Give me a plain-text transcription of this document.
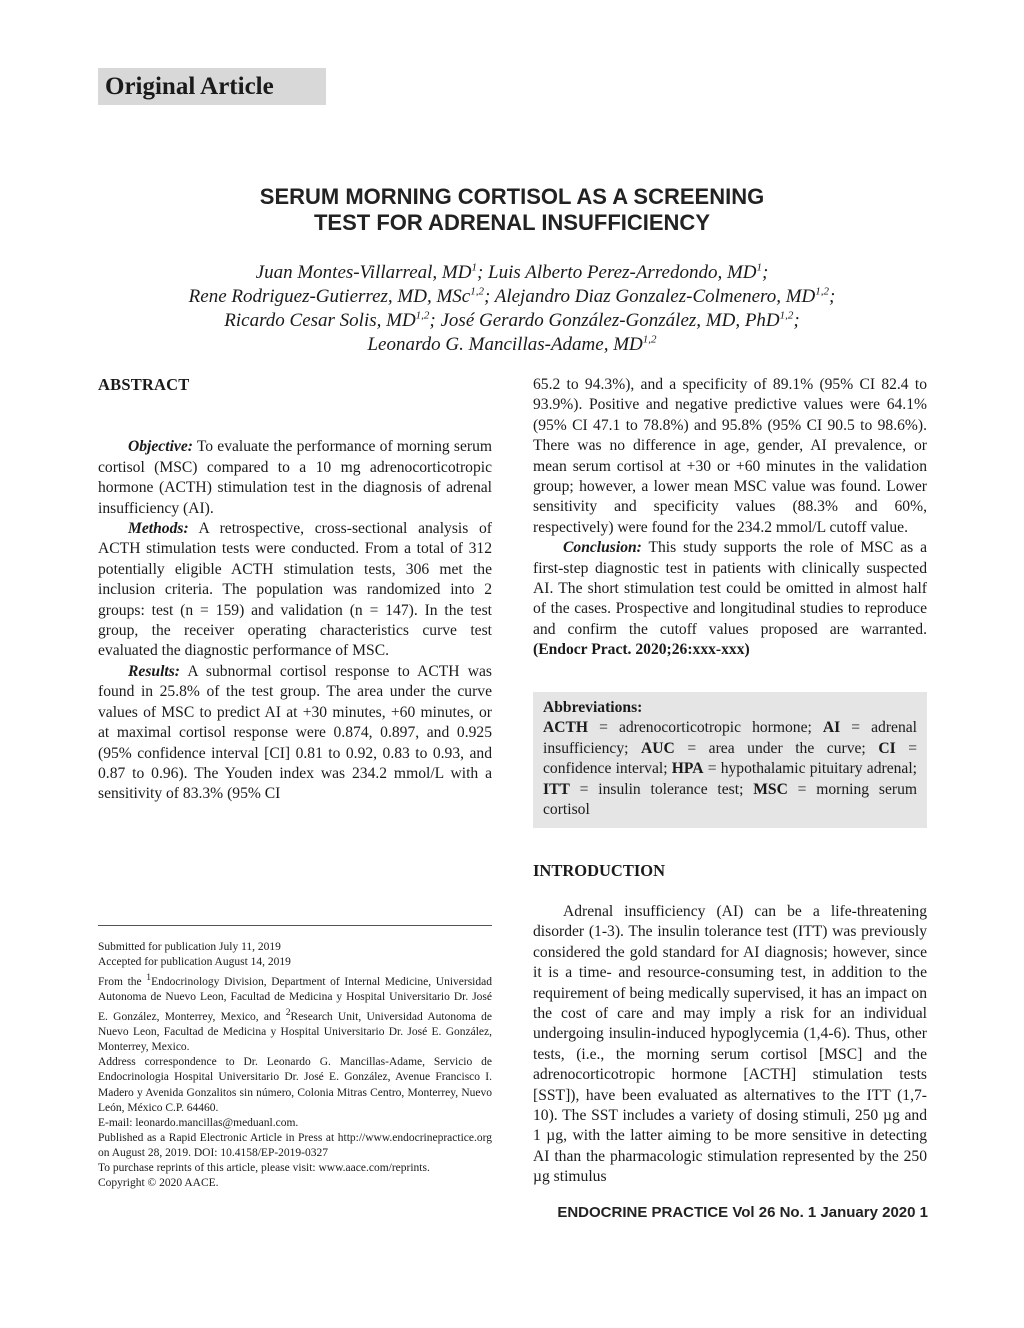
Original Article
SERUM MORNING CORTISOL AS A SCREENING
TEST FOR ADRENAL INSUFFICIENCY
Juan Montes-Villarreal, $MD^1$; Luis Alberto Perez-Arredondo, $MD^1$;
Rene Rodriguez-Gutierrez, MD, MSc$^{1,2}$; Alejandro Diaz Gonzalez-Colmenero, MD$^{1,2}$;
Ricardo Cesar Solis, MD$^{1,2}$; José Gerardo González-González, MD, PhD$^{1,2}$;
Leonardo G. Mancillas-Adame, MD$^{1,2}$
ABSTRACT

Objective: To evaluate the performance of morning serum cortisol (MSC) compared to a 10 mg adrenocorticotropic hormone (ACTH) stimulation test in the diagnosis of adrenal insufficiency (AI).

Methods: A retrospective, cross-sectional analysis of ACTH stimulation tests were conducted. From a total of 312 potentially eligible ACTH stimulation tests, 306 met the inclusion criteria. The population was randomized into 2 groups: test (n = 159) and validation (n = 147). In the test group, the receiver operating characteristics curve test evaluated the diagnostic performance of MSC.

Results: A subnormal cortisol response to ACTH was found in 25.8% of the test group. The area under the curve values of MSC to predict AI at +30 minutes, +60 minutes, or at maximal cortisol response were 0.874, 0.897, and 0.925 (95% confidence interval [CI] 0.81 to 0.92, 0.83 to 0.93, and 0.87 to 0.96). The Youden index was 234.2 mmol/L with a sensitivity of 83.3% (95% CI

65.2 to 94.3%), and a specificity of 89.1% (95% CI 82.4 to 93.9%). Positive and negative predictive values were 64.1% (95% CI 47.1 to 78.8%) and 95.8% (95% CI 90.5 to 98.6%). There was no difference in age, gender, AI prevalence, or mean serum cortisol at +30 or +60 minutes in the validation group; however, a lower mean MSC value was found. Lower sensitivity and specificity values (88.3% and 60%, respectively) were found for the 234.2 mmol/L cutoff value.

Conclusion: This study supports the role of MSC as a first-step diagnostic test in patients with clinically suspected AI. The short stimulation test could be omitted in almost half of the cases. Prospective and longitudinal studies to reproduce and confirm the cutoff values proposed are warranted. (Endocr Pract. 2020;26:xxx-xxx)

Abbreviations:
ACTH = adrenocorticotropic hormone; AI = adrenal insufficiency; AUC = area under the curve; CI = confidence interval; HPA = hypothalamic pituitary adrenal; ITT = insulin tolerance test; MSC = morning serum cortisol
Submitted for publication July 11, 2019
Accepted for publication August 14, 2019
From the $^1$Endocrinology Division, Department of Internal Medicine, Universidad Autonoma de Nuevo Leon, Facultad de Medicina y Hospital Universitario Dr. José E. González, Monterrey, Mexico, and $^2$Research Unit, Universidad Autonoma de Nuevo Leon, Facultad de Medicina y Hospital Universitario Dr. José E. González, Monterrey, Mexico.
Address correspondence to Dr. Leonardo G. Mancillas-Adame, Servicio de Endocrinologia Hospital Universitario Dr. José E. González, Avenue Francisco I. Madero y Avenida Gonzalitos sin número, Colonia Mitras Centro, Monterrey, Nuevo León, México C.P. 64460.
E-mail: leonardo.mancillas@meduanl.com.
Published as a Rapid Electronic Article in Press at http://www.endocrinepractice.org on August 28, 2019. DOI: 10.4158/EP-2019-0327
To purchase reprints of this article, please visit: www.aace.com/reprints.
Copyright © 2020 AACE.
INTRODUCTION

Adrenal insufficiency (AI) can be a life-threatening disorder (1-3). The insulin tolerance test (ITT) was previously considered the gold standard for AI diagnosis; however, since it is a time- and resource-consuming test, in addition to the requirement of being medically supervised, it has an impact on the cost of care and may imply a risk for an individual undergoing insulin-induced hypoglycemia (1,4-6). Thus, other tests, (i.e., the morning serum cortisol [MSC] and the adrenocorticotropic hormone [ACTH] stimulation tests [SST]), have been evaluated as alternatives to the ITT (1,7-10). The SST includes a variety of dosing stimuli, 250 µg and 1 µg, with the latter aiming to be more sensitive in detecting AI than the pharmacologic stimulation represented by the 250 µg stimulus

ENDOCRINE PRACTICE Vol 26 No. 1 January 2020 1
